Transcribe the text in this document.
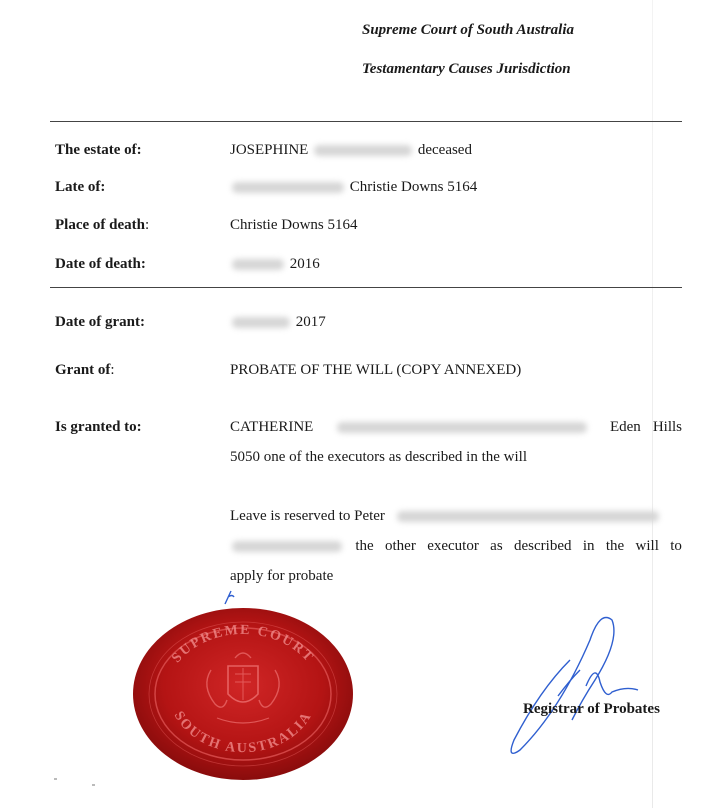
Supreme Court of South Australia
Testamentary Causes Jurisdiction
The estate of:	JOSEPHINE	deceased
Late of:	Christie Downs 5164
Place of death:	Christie Downs 5164
Date of death:	2016
Date of grant:	2017
Grant of:	PROBATE OF THE WILL (COPY ANNEXED)
Is granted to:	CATHERINE	Eden Hills
5050 one of the executors as described in the will
Leave is reserved to Peter
the other executor as described in the will to
apply for probate
SUPREME COURT
SOUTH AUSTRALIA	Registrar of Probates
